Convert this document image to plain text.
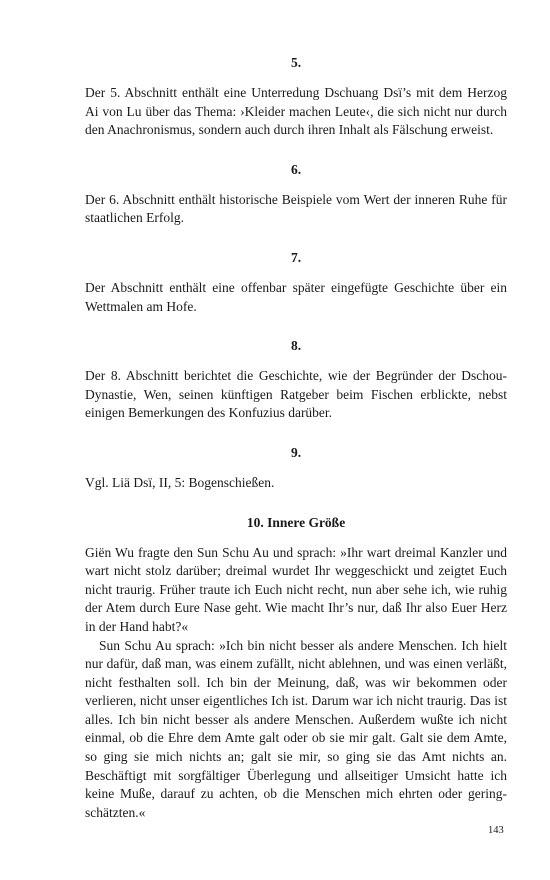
5.

Der 5. Abschnitt enthält eine Unterredung Dschuang Dsï’s mit dem Herzog Ai von Lu über das Thema: ›Kleider machen Leute‹, die sich nicht nur durch den Anachronismus, sondern auch durch ihren Inhalt als Fälschung erweist.

6.

Der 6. Abschnitt enthält historische Beispiele vom Wert der inneren Ruhe für staatlichen Erfolg.

7.

Der Abschnitt enthält eine offenbar später eingefügte Geschichte über ein Wettmalen am Hofe.

8.

Der 8. Abschnitt berichtet die Geschichte, wie der Begründer der Dschou-Dynastie, Wen, seinen künftigen Ratgeber beim Fischen erblickte, nebst einigen Bemerkungen des Konfuzius darüber.

9.

Vgl. Liä Dsï, II, 5: Bogenschießen.

10. Innere Größe

Giën Wu fragte den Sun Schu Au und sprach: »Ihr wart dreimal Kanzler und wart nicht stolz darüber; dreimal wurdet Ihr weggeschickt und zeigtet Euch nicht traurig. Früher traute ich Euch nicht recht, nun aber sehe ich, wie ruhig der Atem durch Eure Nase geht. Wie macht Ihr’s nur, daß Ihr also Euer Herz in der Hand habt?«

Sun Schu Au sprach: »Ich bin nicht besser als andere Menschen. Ich hielt nur dafür, daß man, was einem zufällt, nicht ablehnen, und was einen verläßt, nicht festhalten soll. Ich bin der Meinung, daß, was wir bekommen oder verlieren, nicht unser eigentliches Ich ist. Darum war ich nicht traurig. Das ist alles. Ich bin nicht besser als andere Menschen. Außerdem wußte ich nicht einmal, ob die Ehre dem Amte galt oder ob sie mir galt. Galt sie dem Amte, so ging sie mich nichts an; galt sie mir, so ging sie das Amt nichts an. Beschäftigt mit sorgfältiger Überlegung und allseitiger Umsicht hatte ich keine Muße, darauf zu achten, ob die Menschen mich ehrten oder geringschätzten.«

143
